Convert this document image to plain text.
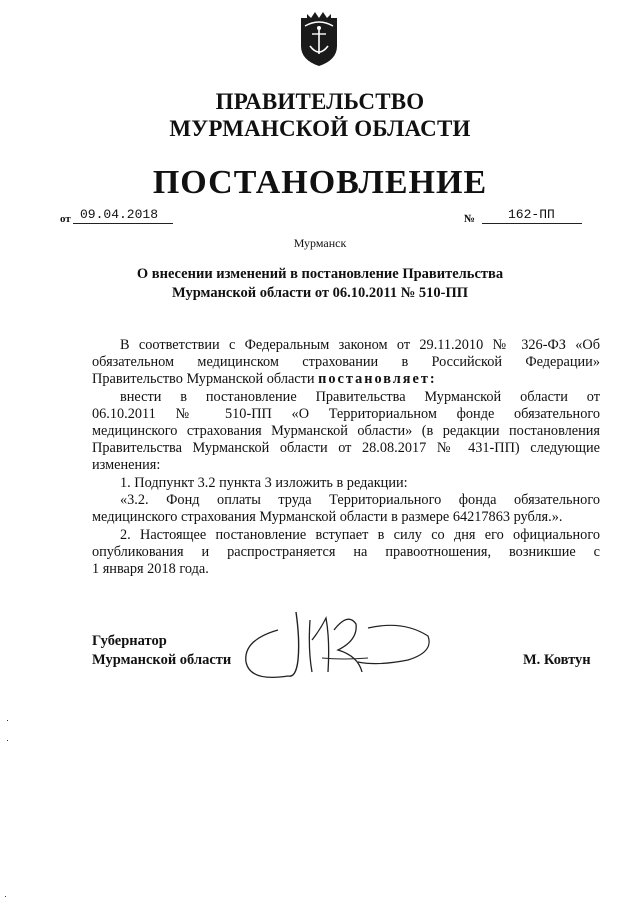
ПРАВИТЕЛЬСТВО
МУРМАНСКОЙ ОБЛАСТИ
ПОСТАНОВЛЕНИЕ
от 09.04.2018	№	162-ПП
Мурманск
О внесении изменений в постановление Правительства
Мурманской области от 06.10.2011 № 510-ПП
В соответствии с Федеральным законом от 29.11.2010 № 326-ФЗ «Об
обязательном медицинском страховании в Российской Федерации»
Правительство Мурманской области постановляет:
внести в постановление Правительства Мурманской области от
06.10.2011 № 510-ПП «О Территориальном фонде обязательного
медицинского страхования Мурманской области» (в редакции постановления
Правительства Мурманской области от 28.08.2017 № 431-ПП) следующие
изменения:
1. Подпункт 3.2 пункта 3 изложить в редакции:
«3.2. Фонд оплаты труда Территориального фонда обязательного
медицинского страхования Мурманской области в размере 64217863 рубля.».
2. Настоящее постановление вступает в силу со дня его официального
опубликования и распространяется на правоотношения, возникшие с
1 января 2018 года.
Губернатор
Мурманской области	М. Ковтун
